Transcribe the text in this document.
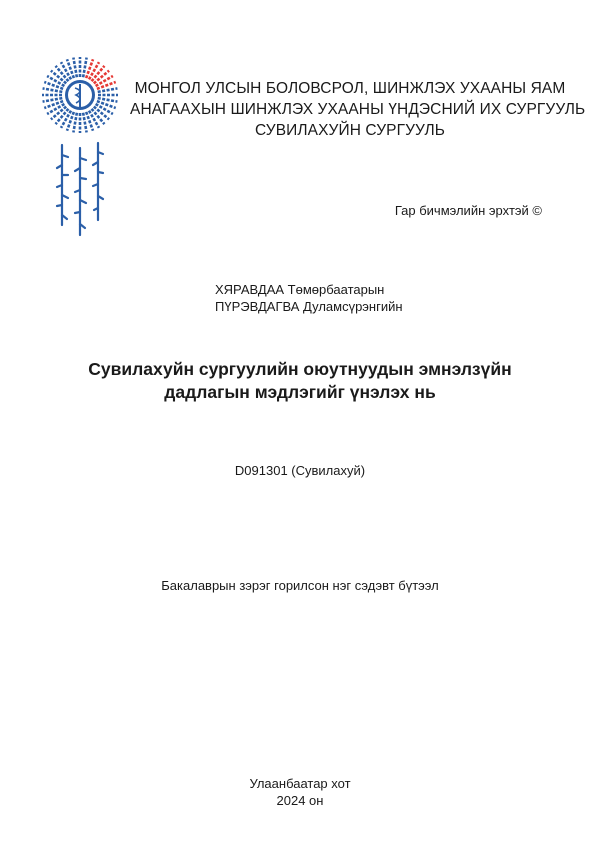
МОНГОЛ УЛСЫН БОЛОВСРОЛ, ШИНЖЛЭХ УХААНЫ ЯАМ
АНАГААХЫН ШИНЖЛЭХ УХААНЫ ҮНДЭСНИЙ ИХ СУРГУУЛЬ
СУВИЛАХУЙН СУРГУУЛЬ
Гар бичмэлийн эрхтэй ©
ХЯРАВДАА Төмөрбаатарын
ПҮРЭВДАГВА Дуламсүрэнгийн
Сувилахуйн сургуулийн оюутнуудын эмнэлзүйн
дадлагын мэдлэгийг үнэлэх нь
D091301 (Сувилахуй)
Бакалаврын зэрэг горилсон нэг сэдэвт бүтээл
Улаанбаатар хот
2024 он
